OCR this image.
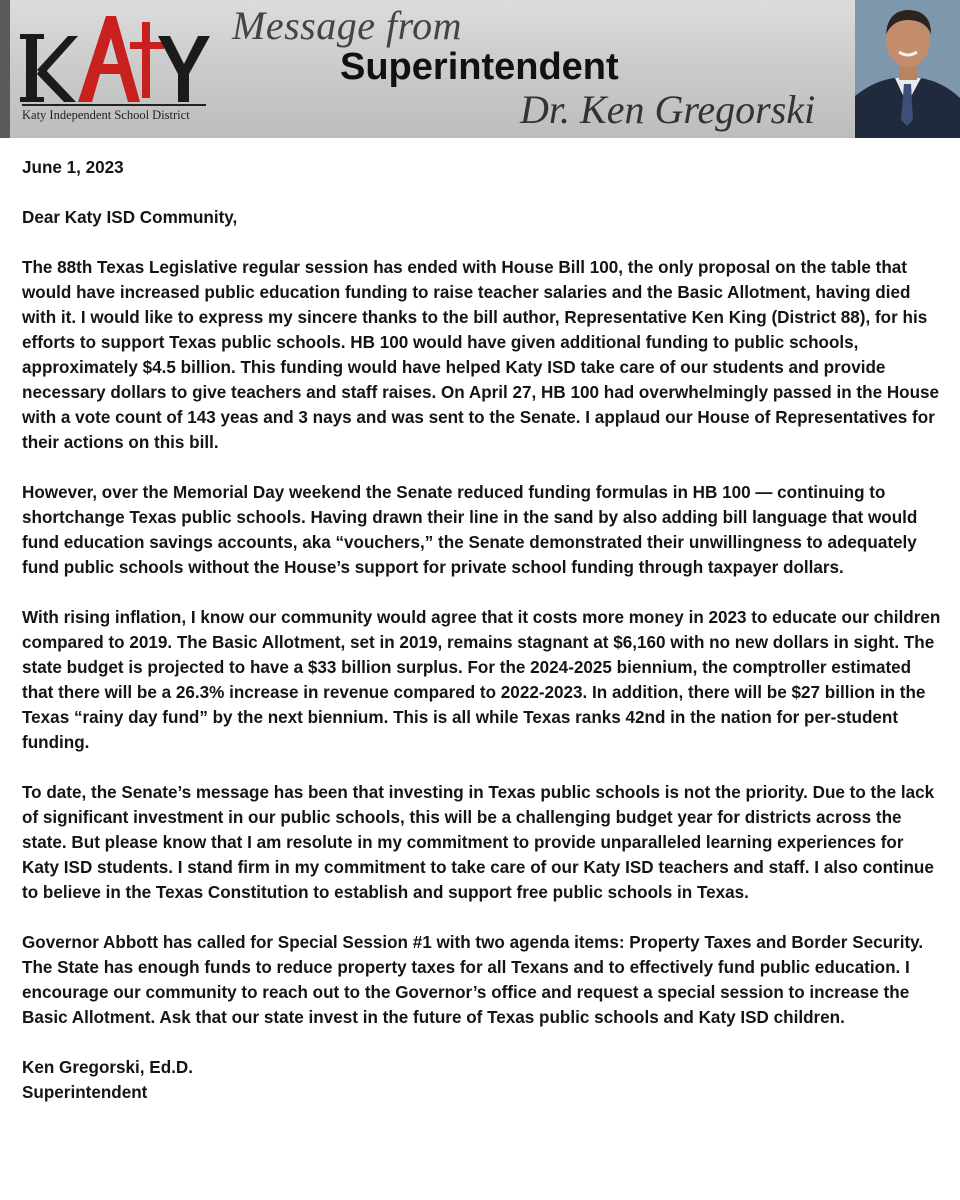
Katy Independent School District
Message from
Superintendent
Dr. Ken Gregorski

June 1, 2023

Dear Katy ISD Community,

The 88th Texas Legislative regular session has ended with House Bill 100, the only proposal on the table that would have increased public education funding to raise teacher salaries and the Basic Allotment, having died with it. I would like to express my sincere thanks to the bill author, Representative Ken King (District 88), for his efforts to support Texas public schools. HB 100 would have given additional funding to public schools, approximately $4.5 billion. This funding would have helped Katy ISD take care of our students and provide necessary dollars to give teachers and staff raises. On April 27, HB 100 had overwhelmingly passed in the House with a vote count of 143 yeas and 3 nays and was sent to the Senate. I applaud our House of Representatives for their actions on this bill.

However, over the Memorial Day weekend the Senate reduced funding formulas in HB 100 — continuing to shortchange Texas public schools. Having drawn their line in the sand by also adding bill language that would fund education savings accounts, aka “vouchers,” the Senate demonstrated their unwillingness to adequately fund public schools without the House’s support for private school funding through taxpayer dollars.

With rising inflation, I know our community would agree that it costs more money in 2023 to educate our children compared to 2019. The Basic Allotment, set in 2019, remains stagnant at $6,160 with no new dollars in sight. The state budget is projected to have a $33 billion surplus. For the 2024-2025 biennium, the comptroller estimated that there will be a 26.3% increase in revenue compared to 2022-2023. In addition, there will be $27 billion in the Texas “rainy day fund” by the next biennium. This is all while Texas ranks 42nd in the nation for per-student funding.

To date, the Senate’s message has been that investing in Texas public schools is not the priority. Due to the lack of significant investment in our public schools, this will be a challenging budget year for districts across the state. But please know that I am resolute in my commitment to provide unparalleled learning experiences for Katy ISD students. I stand firm in my commitment to take care of our Katy ISD teachers and staff. I also continue to believe in the Texas Constitution to establish and support free public schools in Texas.

Governor Abbott has called for Special Session #1 with two agenda items: Property Taxes and Border Security. The State has enough funds to reduce property taxes for all Texans and to effectively fund public education. I encourage our community to reach out to the Governor’s office and request a special session to increase the Basic Allotment. Ask that our state invest in the future of Texas public schools and Katy ISD children.

Ken Gregorski, Ed.D.

Superintendent
